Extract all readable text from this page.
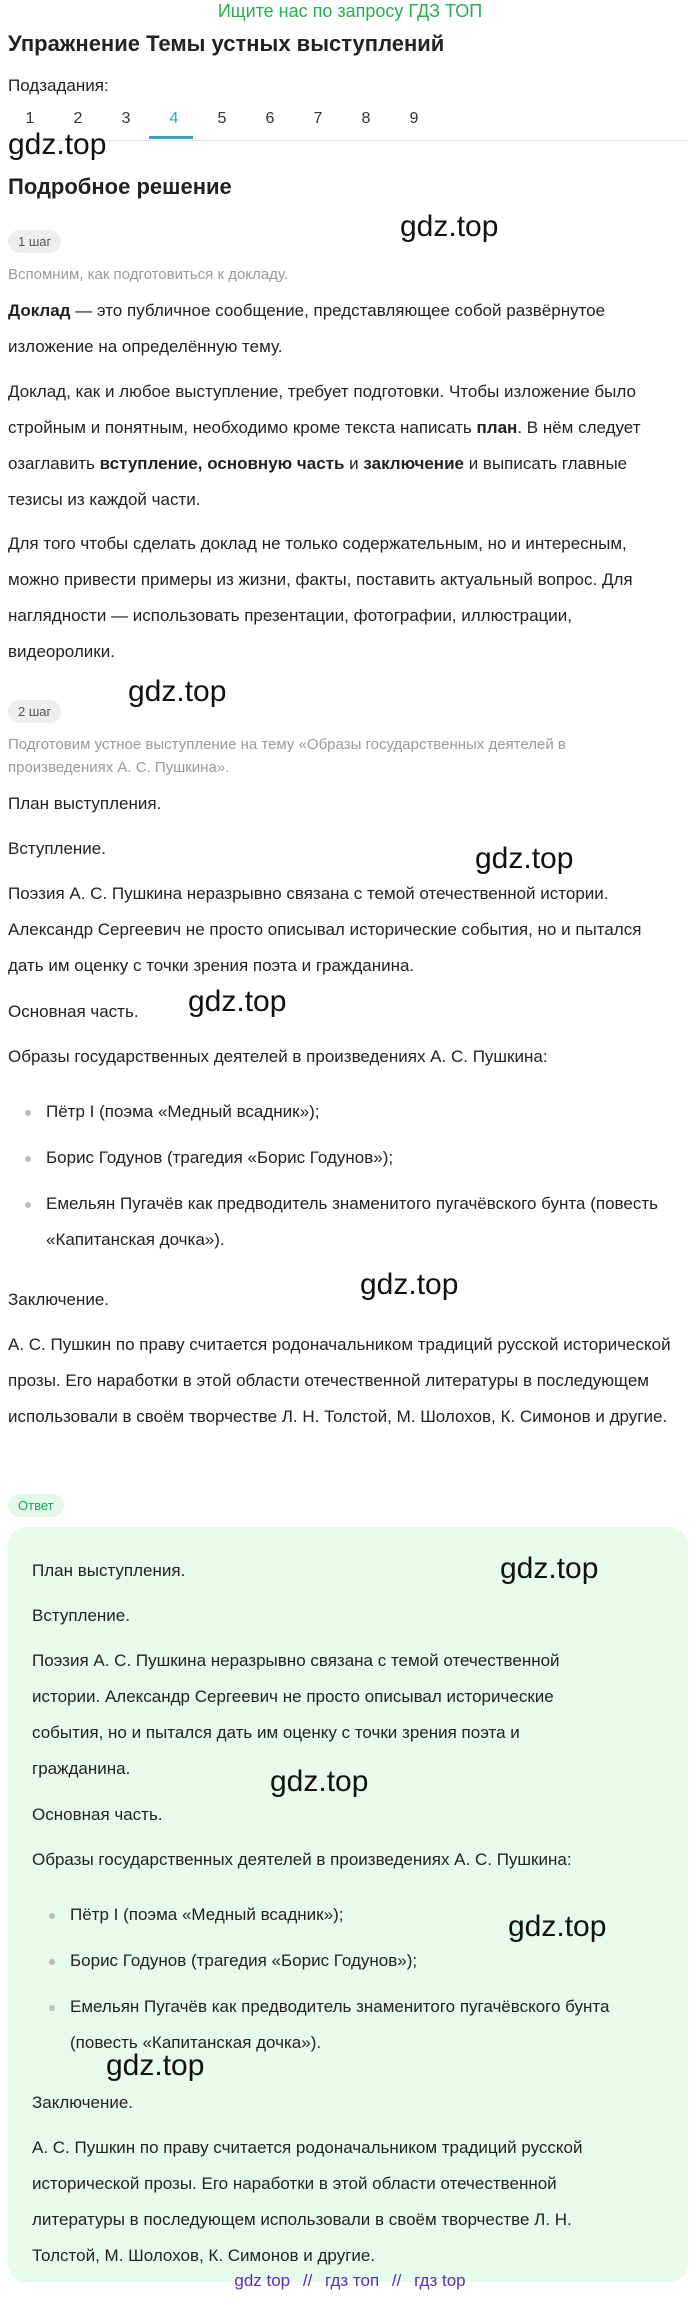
Ищите нас по запросу ГДЗ ТОП
Упражнение Темы устных выступлений
Подзадания:
1	2	3	4	5	6	7	8	9
gdz.top
gdz.top
gdz.top
gdz.top
gdz.top
gdz.top
Подробное решение
1 шаг
Вспомним, как подготовиться к докладу.
Доклад — это публичное сообщение, представляющее собой развёрнутое изложение на определённую тему.
Доклад, как и любое выступление, требует подготовки. Чтобы изложение было стройным и понятным, необходимо кроме текста написать план. В нём следует озаглавить вступление, основную часть и заключение и выписать главные тезисы из каждой части.
Для того чтобы сделать доклад не только содержательным, но и интересным, можно привести примеры из жизни, факты, поставить актуальный вопрос. Для наглядности — использовать презентации, фотографии, иллюстрации, видеоролики.
2 шаг
Подготовим устное выступление на тему «Образы государственных деятелей в произведениях А. С. Пушкина».
План выступления.
Вступление.
Поэзия А. С. Пушкина неразрывно связана с темой отечественной истории. Александр Сергеевич не просто описывал исторические события, но и пытался дать им оценку с точки зрения поэта и гражданина.
Основная часть.
Образы государственных деятелей в произведениях А. С. Пушкина:
Пётр I (поэма «Медный всадник»);
Борис Годунов (трагедия «Борис Годунов»);
Емельян Пугачёв как предводитель знаменитого пугачёвского бунта (повесть «Капитанская дочка»).
Заключение.
А. С. Пушкин по праву считается родоначальником традиций русской исторической прозы. Его наработки в этой области отечественной литературы в последующем использовали в своём творчестве Л. Н. Толстой, М. Шолохов, К. Симонов и другие.
Ответ
План выступления.
Вступление.
Поэзия А. С. Пушкина неразрывно связана с темой отечественной истории. Александр Сергеевич не просто описывал исторические события, но и пытался дать им оценку с точки зрения поэта и гражданина.
Основная часть.
Образы государственных деятелей в произведениях А. С. Пушкина:
Пётр I (поэма «Медный всадник»);
Борис Годунов (трагедия «Борис Годунов»);
Емельян Пугачёв как предводитель знаменитого пугачёвского бунта (повесть «Капитанская дочка»).
Заключение.
А. С. Пушкин по праву считается родоначальником традиций русской исторической прозы. Его наработки в этой области отечественной литературы в последующем использовали в своём творчестве Л. Н. Толстой, М. Шолохов, К. Симонов и другие.
gdz.top
gdz.top
gdz.top
gdz.top
gdz top // гдз топ // гдз top
